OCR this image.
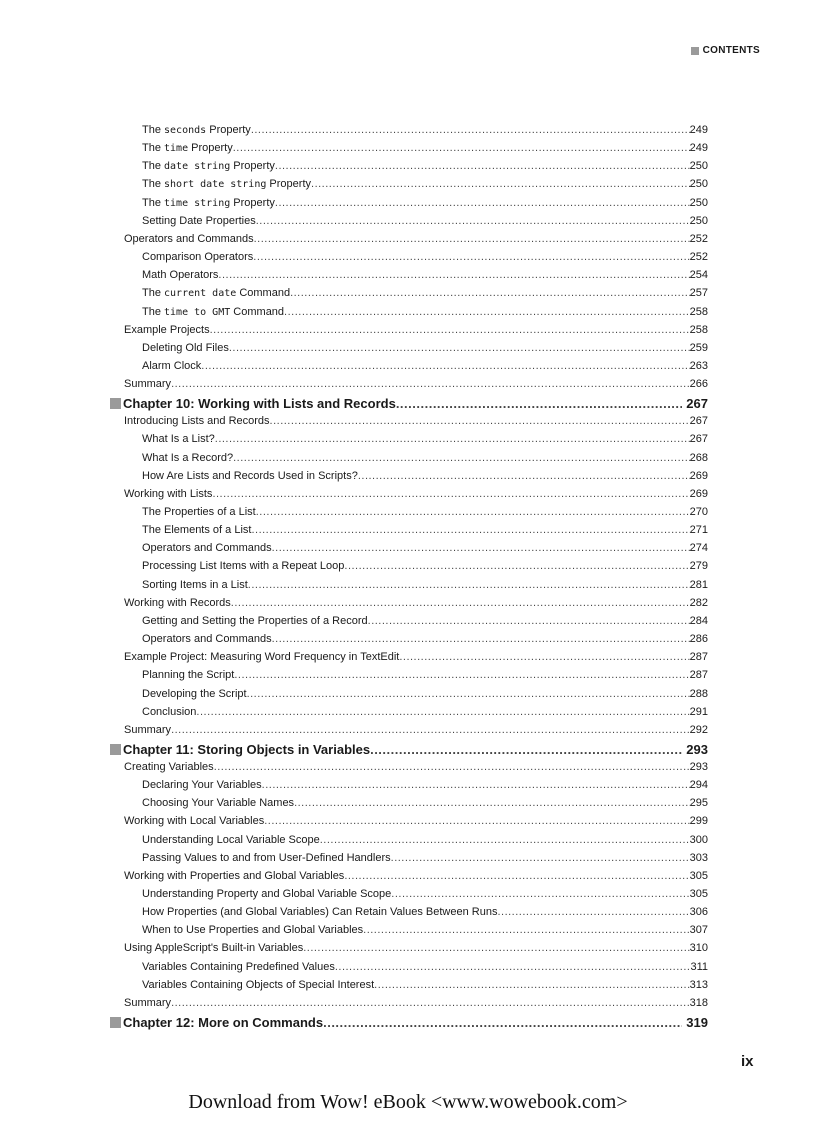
CONTENTS
The seconds Property .....	249
The time Property .....	249
The date string Property .....	250
The short date string Property .....	250
The time string Property .....	250
Setting Date Properties .....	250
Operators and Commands .....	252
Comparison Operators .....	252
Math Operators .....	254
The current date Command .....	257
The time to GMT Command .....	258
Example Projects .....	258
Deleting Old Files .....	259
Alarm Clock .....	263
Summary .....	266
Chapter 10: Working with Lists and Records .....	267
Introducing Lists and Records .....	267
What Is a List? .....	267
What Is a Record? .....	268
How Are Lists and Records Used in Scripts? .....	269
Working with Lists .....	269
The Properties of a List .....	270
The Elements of a List .....	271
Operators and Commands .....	274
Processing List Items with a Repeat Loop .....	279
Sorting Items in a List .....	281
Working with Records .....	282
Getting and Setting the Properties of a Record .....	284
Operators and Commands .....	286
Example Project: Measuring Word Frequency in TextEdit .....	287
Planning the Script .....	287
Developing the Script .....	288
Conclusion .....	291
Summary .....	292
Chapter 11: Storing Objects in Variables .....	293
Creating Variables .....	293
Declaring Your Variables .....	294
Choosing Your Variable Names .....	295
Working with Local Variables .....	299
Understanding Local Variable Scope .....	300
Passing Values to and from User-Defined Handlers .....	303
Working with Properties and Global Variables .....	305
Understanding Property and Global Variable Scope .....	305
How Properties (and Global Variables) Can Retain Values Between Runs .....	306
When to Use Properties and Global Variables .....	307
Using AppleScript's Built-in Variables .....	310
Variables Containing Predefined Values .....	311
Variables Containing Objects of Special Interest .....	313
Summary .....	318
Chapter 12: More on Commands .....	319
ix
Download from Wow! eBook <www.wowebook.com>
